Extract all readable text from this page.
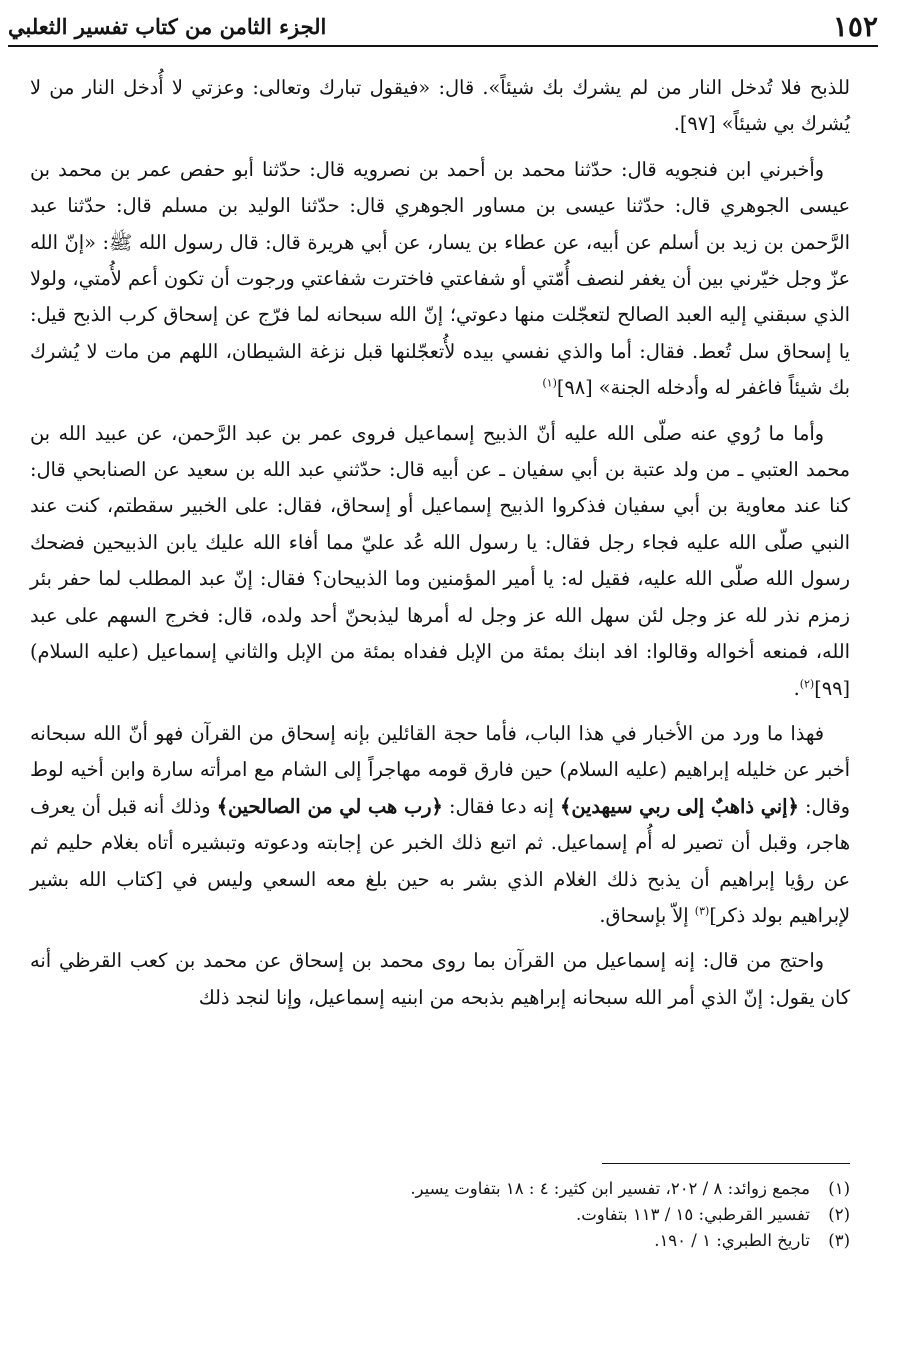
١٥٢
الجزء الثامن من كتاب تفسير الثعلبي

للذبح فلا تُدخل النار من لم يشرك بك شيئاً». قال: «فيقول تبارك وتعالى: وعزتي لا أُدخل النار من لا يُشرك بي شيئاً» [٩٧].

وأخبرني ابن فنجويه قال: حدّثنا محمد بن أحمد بن نصرويه قال: حدّثنا أبو حفص عمر بن محمد بن عيسى الجوهري قال: حدّثنا عيسى بن مساور الجوهري قال: حدّثنا الوليد بن مسلم قال: حدّثنا عبد الرَّحمن بن زيد بن أسلم عن أبيه، عن عطاء بن يسار، عن أبي هريرة قال: قال رسول الله ﷺ: «إنّ الله عزّ وجل خيّرني بين أن يغفر لنصف أُمّتي أو شفاعتي فاخترت شفاعتي ورجوت أن تكون أعم لأُمتي، ولولا الذي سبقني إليه العبد الصالح لتعجّلت منها دعوتي؛ إنّ الله سبحانه لما فرّج عن إسحاق كرب الذبح قيل: يا إسحاق سل تُعط. فقال: أما والذي نفسي بيده لأُتعجّلنها قبل نزغة الشيطان، اللهم من مات لا يُشرك بك شيئاً فاغفر له وأدخله الجنة» [٩٨]$^{(١)}$

وأما ما رُوي عنه صلّى الله عليه أنّ الذبيح إسماعيل فروى عمر بن عبد الرَّحمن، عن عبيد الله بن محمد العتبي ـ من ولد عتبة بن أبي سفيان ـ عن أبيه قال: حدّثني عبد الله بن سعيد عن الصنابحي قال: كنا عند معاوية بن أبي سفيان فذكروا الذبيح إسماعيل أو إسحاق، فقال: على الخبير سقطتم، كنت عند النبي صلّى الله عليه فجاء رجل فقال: يا رسول الله عُد عليّ مما أفاء الله عليك يابن الذبيحين فضحك رسول الله صلّى الله عليه، فقيل له: يا أمير المؤمنين وما الذبيحان؟ فقال: إنّ عبد المطلب لما حفر بئر زمزم نذر لله عز وجل لئن سهل الله عز وجل له أمرها ليذبحنّ أحد ولده، قال: فخرج السهم على عبد الله، فمنعه أخواله وقالوا: افد ابنك بمئة من الإبل ففداه بمئة من الإبل والثاني إسماعيل (عليه السلام) [٩٩]$^{(٢)}$.

فهذا ما ورد من الأخبار في هذا الباب، فأما حجة القائلين بإنه إسحاق من القرآن فهو أنّ الله سبحانه أخبر عن خليله إبراهيم (عليه السلام) حين فارق قومه مهاجراً إلى الشام مع امرأته سارة وابن أخيه لوط وقال: ﴿إني ذاهبٌ إلى ربي سيهدين﴾ إنه دعا فقال: ﴿رب هب لي من الصالحين﴾ وذلك أنه قبل أن يعرف هاجر، وقبل أن تصير له أُم إسماعيل. ثم اتبع ذلك الخبر عن إجابته ودعوته وتبشيره أتاه بغلام حليم ثم عن رؤيا إبراهيم أن يذبح ذلك الغلام الذي بشر به حين بلغ معه السعي وليس في [كتاب الله بشير لإبراهيم بولد ذكر]$^{(٣)}$ إلاّ بإسحاق.

واحتج من قال: إنه إسماعيل من القرآن بما روى محمد بن إسحاق عن محمد بن كعب القرظي أنه كان يقول: إنّ الذي أمر الله سبحانه إبراهيم بذبحه من ابنيه إسماعيل، وإنا لنجد ذلك

(١)
مجمع زوائد: ٨ / ٢٠٢، تفسير ابن كثير: ٤ : ١٨ بتفاوت يسير.
(٢)
تفسير القرطبي: ١٥ / ١١٣ بتفاوت.
(٣)
تاريخ الطبري: ١ / ١٩٠.
